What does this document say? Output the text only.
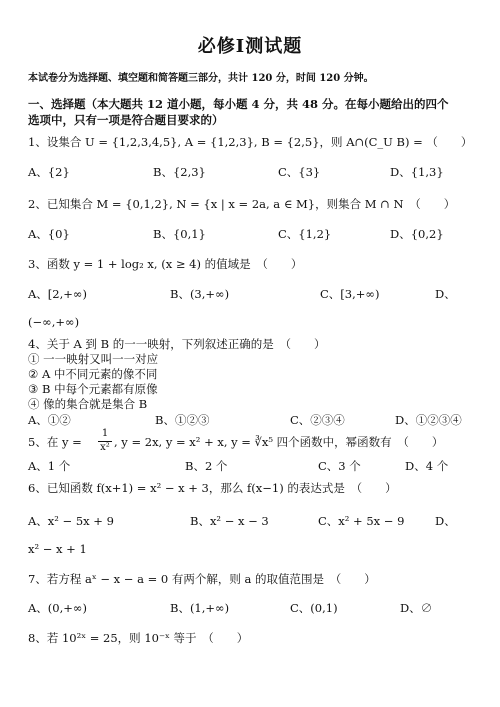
必修Ⅰ测试题
本试卷分为选择题、填空题和简答题三部分，共计 120 分，时间 120 分钟。
一、选择题（本大题共 12 道小题，每小题 4 分，共 48 分。在每小题给出的四个
选项中，只有一项是符合题目要求的）
1、设集合 U = {1,2,3,4,5}, A = {1,2,3}, B = {2,5}，则 A∩(C_U B) = （　　）
A、{2}	B、{2,3}	C、{3}	D、{1,3}
2、已知集合 M = {0,1,2}, N = {x | x = 2a, a ∈ M}，则集合 M ∩ N　（　　）
A、{0}	B、{0,1}	C、{1,2}	D、{0,2}
3、函数 y = 1 + log₂ x, (x ≥ 4) 的值域是　（　　）
A、[2,+∞)	B、(3,+∞)	C、[3,+∞)	D、
(−∞,+∞)
4、关于 A 到 B 的一一映射，下列叙述正确的是　（　　）
① 一一映射又叫一一对应
② A 中不同元素的像不同
③ B 中每个元素都有原像
④ 像的集合就是集合 B
A、①②	B、①②③	C、②③④	D、①②③④
5、在 $y = \frac{1}{\text{x²}}$ , y = 2x, y = x² + x, y = ∛x⁵ 四个函数中，幂函数有　（　　）
A、1 个	B、2 个	C、3 个	D、4 个
6、已知函数 f(x+1) = x² − x + 3，那么 f(x−1) 的表达式是　（　　）
A、x² − 5x + 9	B、x² − x − 3	C、x² + 5x − 9	D、
x² − x + 1
7、若方程 aˣ − x − a = 0 有两个解，则 a 的取值范围是　（　　）
A、(0,+∞)	B、(1,+∞)	C、(0,1)	D、∅
8、若 10²ˣ = 25，则 10⁻ˣ 等于　（　　）
